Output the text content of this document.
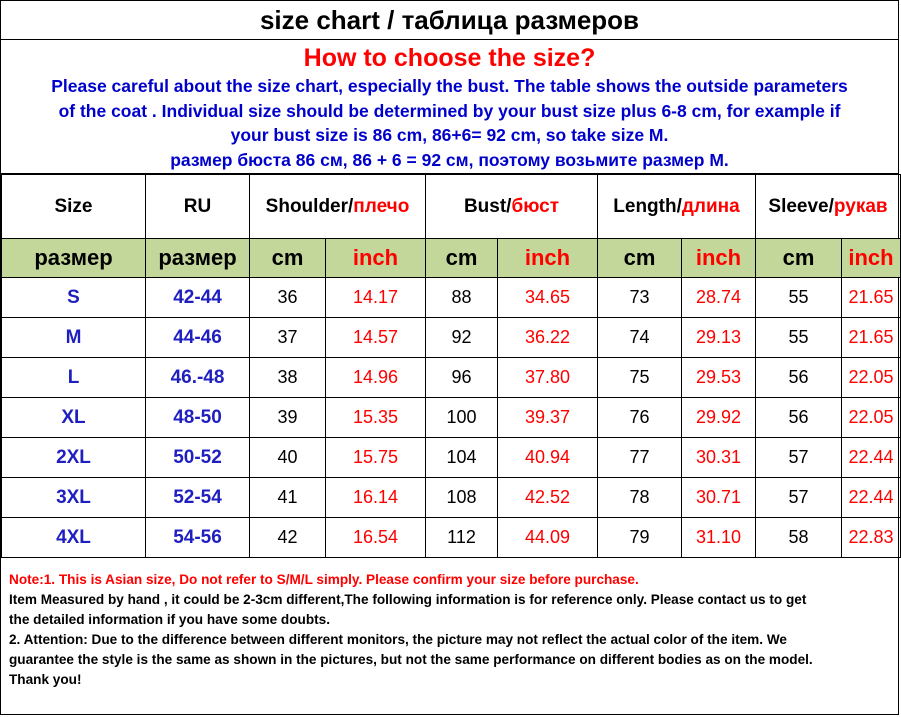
size chart / таблица размеров
How to choose the size?
Please careful about the size chart, especially the bust. The table shows the outside parameters
of the coat . Individual size should be determined by your bust size plus 6-8 cm, for example if
your bust size is 86 cm, 86+6= 92 cm, so take size M.
размер бюста 86 см, 86 + 6 = 92 см, поэтому возьмите размер M.
Size	RU	Shoulder/плечо		Bust/бюст		Length/длина		Sleeve/рукав	
размер	размер	cm	inch	cm	inch	cm	inch	cm	inch
S	42-44	36	14.17	88	34.65	73	28.74	55	21.65
M	44-46	37	14.57	92	36.22	74	29.13	55	21.65
L	46.-48	38	14.96	96	37.80	75	29.53	56	22.05
XL	48-50	39	15.35	100	39.37	76	29.92	56	22.05
2XL	50-52	40	15.75	104	40.94	77	30.31	57	22.44
3XL	52-54	41	16.14	108	42.52	78	30.71	57	22.44
4XL	54-56	42	16.54	112	44.09	79	31.10	58	22.83
Note:1. This is Asian size, Do not refer to S/M/L simply. Please confirm your size before purchase.
Item Measured by hand , it could be 2-3cm different,The following information is for reference only. Please contact us to get
the detailed information if you have some doubts.
2. Attention: Due to the difference between different monitors, the picture may not reflect the actual color of the item. We
guarantee the style is the same as shown in the pictures, but not the same performance on different bodies as on the model.
Thank you!
